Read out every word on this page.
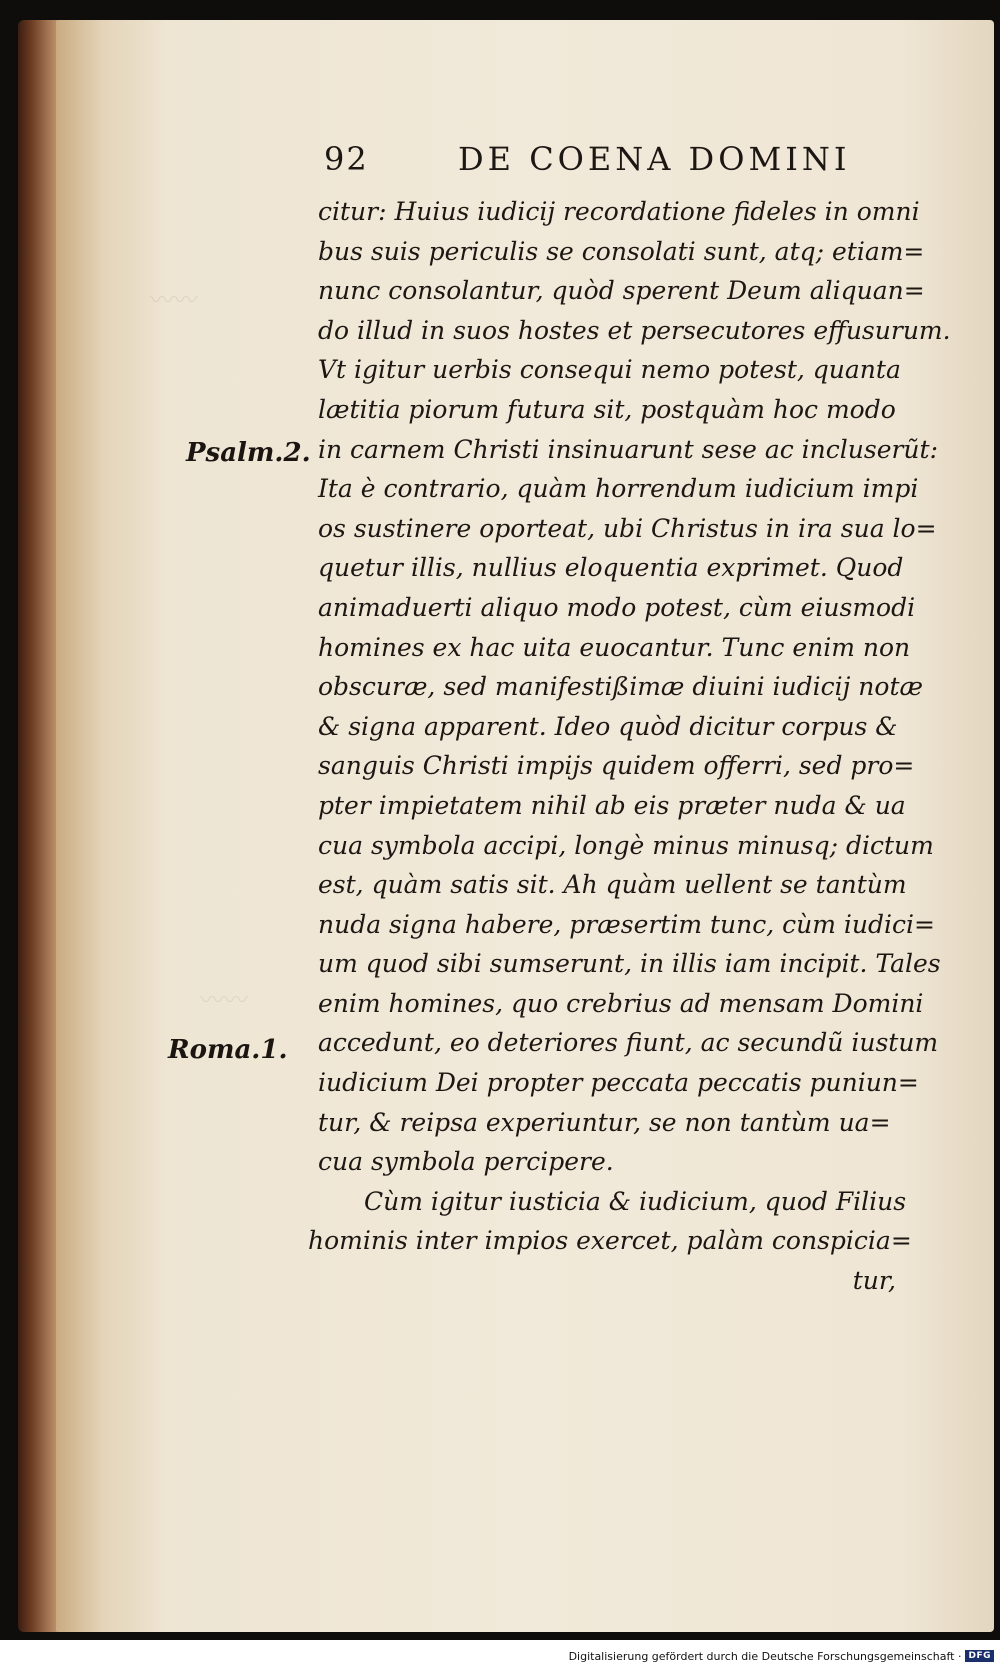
〰〰
〰〰
92	DE COENA DOMINI
Psalm.2.
Roma.1.
citur: Huius iudicij recordatione fideles in omni
bus suis periculis se consolati sunt, atq; etiam=
nunc consolantur, quòd sperent Deum aliquan=
do illud in suos hostes et persecutores effusurum.
Vt igitur uerbis consequi nemo potest, quanta
lætitia piorum futura sit, postquàm hoc modo
in carnem Christi insinuarunt sese ac incluserũt:
Ita è contrario, quàm horrendum iudicium impi
os sustinere oporteat, ubi Christus in ira sua lo=
quetur illis, nullius eloquentia exprimet. Quod
animaduerti aliquo modo potest, cùm eiusmodi
homines ex hac uita euocantur. Tunc enim non
obscuræ, sed manifestißimæ diuini iudicij notæ
& signa apparent. Ideo quòd dicitur corpus &
sanguis Christi impijs quidem offerri, sed pro=
pter impietatem nihil ab eis præter nuda & ua
cua symbola accipi, longè minus minusq; dictum
est, quàm satis sit. Ah quàm uellent se tantùm
nuda signa habere, præsertim tunc, cùm iudici=
um quod sibi sumserunt, in illis iam incipit. Tales
enim homines, quo crebrius ad mensam Domini
accedunt, eo deteriores fiunt, ac secundũ iustum
iudicium Dei propter peccata peccatis puniun=
tur, & reipsa experiuntur, se non tantùm ua=
cua symbola percipere.
Cùm igitur iusticia & iudicium, quod Filius
hominis inter impios exercet, palàm conspicia=
tur,
Digitalisierung gefördert durch die Deutsche Forschungsgemeinschaft · DFG
